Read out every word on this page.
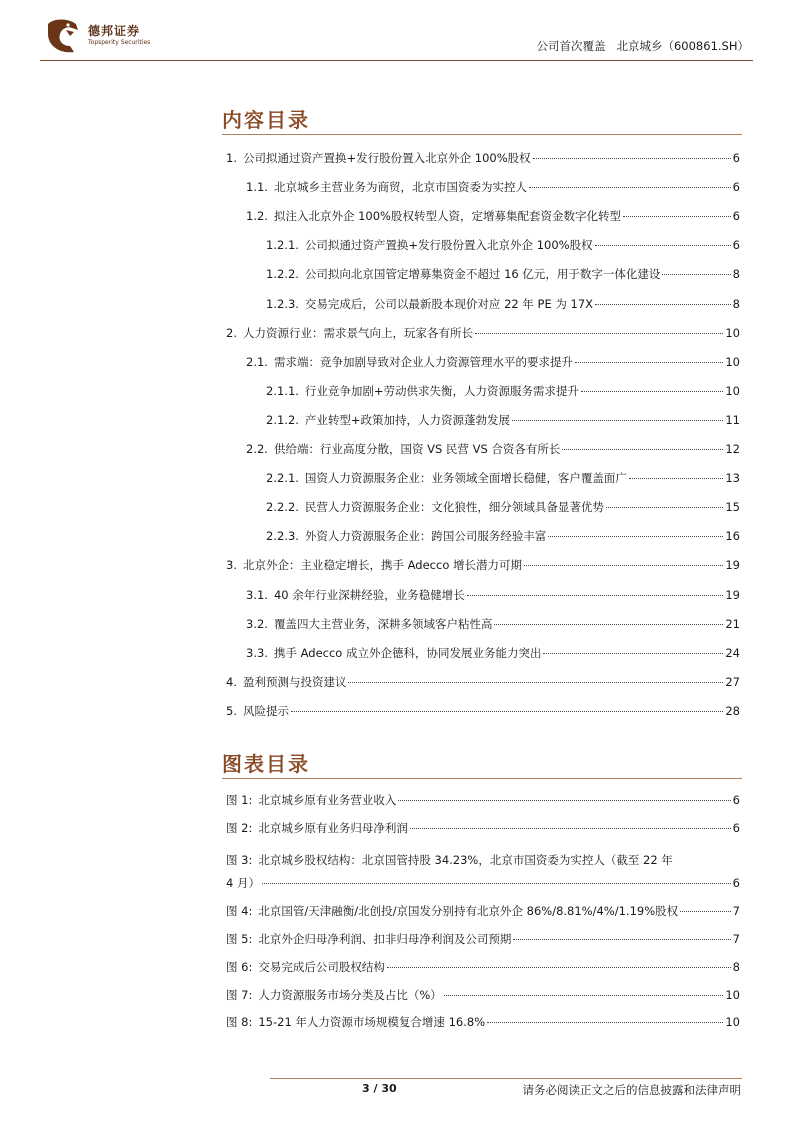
德邦证券
Topsperity Securities	公司首次覆盖 北京城乡（600861.SH）
内容目录
1. 公司拟通过资产置换+发行股份置入北京外企 100%股权	6
1.1. 北京城乡主营业务为商贸，北京市国资委为实控人	6
1.2. 拟注入北京外企 100%股权转型人资，定增募集配套资金数字化转型	6
1.2.1. 公司拟通过资产置换+发行股份置入北京外企 100%股权	6
1.2.2. 公司拟向北京国管定增募集资金不超过 16 亿元，用于数字一体化建设	8
1.2.3. 交易完成后，公司以最新股本现价对应 22 年 PE 为 17X	8
2. 人力资源行业：需求景气向上，玩家各有所长	10
2.1. 需求端：竞争加剧导致对企业人力资源管理水平的要求提升	10
2.1.1. 行业竞争加剧+劳动供求失衡，人力资源服务需求提升	10
2.1.2. 产业转型+政策加持，人力资源蓬勃发展	11
2.2. 供给端：行业高度分散，国资 VS 民营 VS 合资各有所长	12
2.2.1. 国资人力资源服务企业：业务领域全面增长稳健，客户覆盖面广	13
2.2.2. 民营人力资源服务企业：文化狼性，细分领域具备显著优势	15
2.2.3. 外资人力资源服务企业：跨国公司服务经验丰富	16
3. 北京外企：主业稳定增长，携手 Adecco 增长潜力可期	19
3.1. 40 余年行业深耕经验，业务稳健增长	19
3.2. 覆盖四大主营业务，深耕多领域客户粘性高	21
3.3. 携手 Adecco 成立外企德科，协同发展业务能力突出	24
4. 盈利预测与投资建议	27
5. 风险提示	28
图表目录
图 1: 北京城乡原有业务营业收入	6
图 2: 北京城乡原有业务归母净利润	6
图 3: 北京城乡股权结构：北京国管持股 34.23%，北京市国资委为实控人（截至 22 年
4 月）	6
图 4: 北京国管/天津融衡/北创投/京国发分别持有北京外企 86%/8.81%/4%/1.19%股权	7
图 5: 北京外企归母净利润、扣非归母净利润及公司预期	7
图 6: 交易完成后公司股权结构	8
图 7: 人力资源服务市场分类及占比（%）	10
图 8: 15-21 年人力资源市场规模复合增速 16.8%	10
3 / 30	请务必阅读正文之后的信息披露和法律声明
